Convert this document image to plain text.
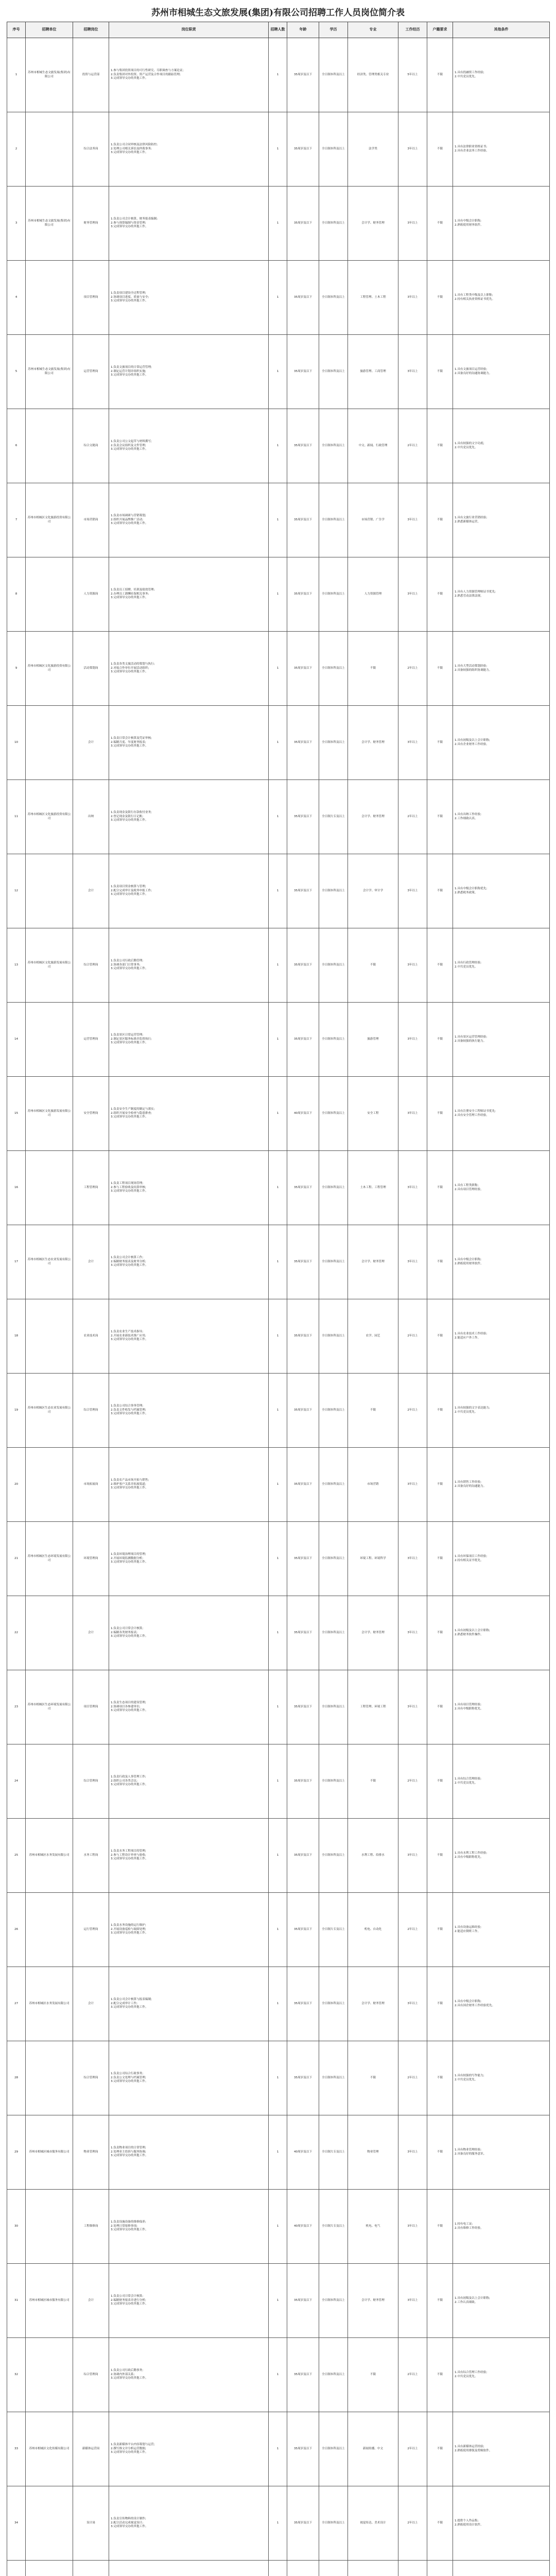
苏州市相城生态文旅发展(集团)有限公司招聘工作人员岗位简介表
序号	招聘单位	招聘岗位	岗位职责	招聘人数	年龄	学历	专业	工作经历	户籍要求	其他条件
1	苏州市相城生态文旅发展(集团)有限公司	投资与运营部	1.参与集团投资项目的可行性研究、尽职调查与方案论证;
2.负责集团对外投资、资产运营及合作项目的跟踪管理;
3.完成领导交办的其他工作。	1	35周岁及以下	全日制本科及以上	经济类、管理类相关专业	5年以上	不限	1.具有投融资工作经验;
2.中共党员优先。

2		综合法务岗	1.负责公司合同审核及法律风险防控;
2.处理公司相关诉讼及仲裁事务;
3.完成领导交办的其他工作。	1	35周岁及以下	全日制本科及以上	法学类	3年以上	不限	1.具有法律职业资格证书;
2.具有企业法务工作经验。

3	苏州市相城生态文旅发展(集团)有限公司	财务管理岗	1.负责公司会计核算、财务报表编制;
2.参与预算编制与资金管理;
3.完成领导交办的其他工作。	1	35周岁及以下	全日制本科及以上	会计学、财务管理	3年以上	不限	1.具有中级会计职称;
2.熟练使用财务软件。

4		项目管理岗	1.负责项目建设全过程管理;
2.协调项目进度、质量与安全;
3.完成领导交办的其他工作。	1	35周岁及以下	全日制本科及以上	工程管理、土木工程	3年以上	不限	1.具有工程类中级及以上职称;
2.持有相关执业资格证书优先。

5	苏州市相城生态文旅发展(集团)有限公司	运营管理岗	1.负责文旅项目的日常运营管理;
2.制定运营计划并组织实施;
3.完成领导交办的其他工作。	1	35周岁及以下	全日制本科及以上	旅游管理、工商管理	3年以上	不限	1.具有文旅项目运营经验;
2.具备良好的沟通协调能力。

6		综合文秘岗	1.负责公司公文起草与材料撰写;
2.负责会议组织及文件管理;
3.完成领导交办的其他工作。	1	35周岁及以下	全日制本科及以上	中文、新闻、行政管理	2年以上	不限	1.具有较强的文字功底;
2.中共党员优先。

7	苏州市相城区文化旅游投资有限公司	市场营销岗	1.负责市场调研与营销策划;
2.组织开展品牌推广活动;
3.完成领导交办的其他工作。	1	35周岁及以下	全日制本科及以上	市场营销、广告学	3年以上	不限	1.具有文旅行业营销经验;
2.熟悉新媒体运营。

8		人力资源岗	1.负责员工招聘、培训及绩效管理;
2.办理员工薪酬社保相关事务;
3.完成领导交办的其他工作。	1	35周岁及以下	全日制本科及以上	人力资源管理	3年以上	不限	1.具有人力资源管理师证书优先;
2.熟悉劳动法律法规。

9	苏州市相城区文化旅游投资有限公司	活动策划岗	1.负责各类文旅活动的策划与执行;
2.对接合作单位开展活动组织;
3.完成领导交办的其他工作。	1	35周岁及以下	全日制本科及以上	不限	2年以上	不限	1.具有大型活动策划经验;
2.具备较强的组织协调能力。

10		会计	1.负责日常会计核算及凭证审核;
2.编制月度、年度财务报表;
3.完成领导交办的其他工作。	1	35周岁及以下	全日制本科及以上	会计学、财务管理	3年以上	不限	1.具有初级及以上会计职称;
2.具有企业财务工作经验。

11	苏州市相城区文化旅游投资有限公司	出纳	1.负责现金及银行存款收付业务;
2.登记现金及银行日记账;
3.完成领导交办的其他工作。	1	35周岁及以下	全日制大专及以上	会计学、财务管理	2年以上	不限	1.具有出纳工作经验;
2.工作细致认真。

12		会计	1.负责项目资金核算与管理;
2.配合完成审计及税务申报工作;
3.完成领导交办的其他工作。	1	35周岁及以下	全日制本科及以上	会计学、审计学	3年以上	不限	1.具有中级会计职称优先;
2.熟悉税务政策。

13	苏州市相城区文化旅游发展有限公司	综合管理岗	1.负责公司行政后勤管理;
2.协调各部门日常事务;
3.完成领导交办的其他工作。	1	35周岁及以下	全日制本科及以上	不限	3年以上	不限	1.具有行政管理经验;
2.中共党员优先。

14		运营管理岗	1.负责景区日常运营管理;
2.制定景区服务标准并监督执行;
3.完成领导交办的其他工作。	1	35周岁及以下	全日制本科及以上	旅游管理	3年以上	不限	1.具有景区运营管理经验;
2.具备较强的执行能力。

15	苏州市相城区文化旅游发展有限公司	安全管理岗	1.负责安全生产制度的制定与落实;
2.组织开展安全检查与隐患排查;
3.完成领导交办的其他工作。	1	40周岁及以下	全日制本科及以上	安全工程	3年以上	不限	1.具有注册安全工程师证书优先;
2.具有安全管理工作经验。

16		工程管理岗	1.负责工程项目现场管理;
2.参与工程验收及结算审核;
3.完成领导交办的其他工作。	1	35周岁及以下	全日制本科及以上	土木工程、工程管理	3年以上	不限	1.具有工程类职称;
2.具有项目管理经验。

17	苏州市相城区生态农业发展有限公司	会计	1.负责公司会计核算工作;
2.编制财务报表及财务分析;
3.完成领导交办的其他工作。	1	35周岁及以下	全日制本科及以上	会计学、财务管理	3年以上	不限	1.具有中级会计职称;
2.熟练使用财务软件。

18		农业技术岗	1.负责农业生产技术指导;
2.开展农业新技术推广应用;
3.完成领导交办的其他工作。	1	35周岁及以下	全日制本科及以上	农学、园艺	2年以上	不限	1.具有农业技术工作经验;
2.能适应户外工作。

19	苏州市相城区生态农业发展有限公司	综合管理岗	1.负责公司综合事务管理;
2.负责文件收发与档案管理;
3.完成领导交办的其他工作。	1	35周岁及以下	全日制本科及以上	不限	2年以上	不限	1.具有较强的文字表达能力;
2.中共党员优先。

20		市场拓展岗	1.负责农产品市场开拓与销售;
2.维护客户关系并拓展渠道;
3.完成领导交办的其他工作。	1	35周岁及以下	全日制本科及以上	市场营销	3年以上	不限	1.具有销售工作经验;
2.具备良好的沟通能力。

21	苏州市相城区生态环境发展有限公司	环境管理岗	1.负责环境治理项目的管理;
2.开展环境监测数据分析;
3.完成领导交办的其他工作。	1	35周岁及以下	全日制本科及以上	环境工程、环境科学	3年以上	不限	1.具有环保项目工作经验;
2.持有相关证书优先。

22		会计	1.负责公司日常会计核算;
2.编制各类财务报表;
3.完成领导交办的其他工作。	1	35周岁及以下	全日制本科及以上	会计学、财务管理	3年以上	不限	1.具有初级及以上会计职称;
2.熟悉财务软件操作。

23	苏州市相城区生态环境发展有限公司	项目管理岗	1.负责生态项目的建设管理;
2.协调项目各参建单位;
3.完成领导交办的其他工作。	1	35周岁及以下	全日制本科及以上	工程管理、环境工程	3年以上	不限	1.具有项目管理经验;
2.具有中级职称优先。

24		综合管理岗	1.负责行政及人事管理工作;
2.组织公司各类会议;
3.完成领导交办的其他工作。	1	35周岁及以下	全日制本科及以上	不限	2年以上	不限	1.具有综合管理经验;
2.中共党员优先。

25	苏州市相城区水务发展有限公司	水务工程岗	1.负责水务工程项目的管理;
2.参与工程设计审查与验收;
3.完成领导交办的其他工作。	1	35周岁及以下	全日制本科及以上	水利工程、给排水	3年以上	不限	1.具有水利工程工作经验;
2.具有中级职称优先。

26		运行管理岗	1.负责水务设施的运行维护;
2.开展设备巡检与故障处理;
3.完成领导交办的其他工作。	1	35周岁及以下	全日制大专及以上	机电、自动化	2年以上	不限	1.具有设备运维经验;
2.能适应倒班工作。

27	苏州市相城区水务发展有限公司	会计	1.负责公司会计核算与报表编制;
2.配合完成审计工作;
3.完成领导交办的其他工作。	1	35周岁及以下	全日制本科及以上	会计学、财务管理	3年以上	不限	1.具有中级会计职称;
2.具有国企财务工作经验优先。

28		综合管理岗	1.负责公司综合行政事务;
2.负责公文处理与档案管理;
3.完成领导交办的其他工作。	1	35周岁及以下	全日制本科及以上	不限	2年以上	不限	1.具有较强的写作能力;
2.中共党员优先。

29	苏州市相城区城市服务有限公司	物业管理岗	1.负责物业项目的日常管理;
2.处理业主投诉与服务协调;
3.完成领导交办的其他工作。	1	40周岁及以下	全日制大专及以上	物业管理	3年以上	不限	1.具有物业管理经验;
2.具备良好的服务意识。

30		工程维修岗	1.负责设施设备的维修保养;
2.处理日常报修事项;
3.完成领导交办的其他工作。	1	40周岁及以下	全日制大专及以上	机电、电气	3年以上	不限	1.持有电工证;
2.具有维修工作经验。

31	苏州市相城区城市服务有限公司	会计	1.负责公司日常会计核算;
2.编制财务报表并进行分析;
3.完成领导交办的其他工作。	1	35周岁及以下	全日制本科及以上	会计学、财务管理	3年以上	不限	1.具有初级及以上会计职称;
2.工作认真细致。

32		综合管理岗	1.负责公司行政后勤事务;
2.协调内外部关系;
3.完成领导交办的其他工作。	1	35周岁及以下	全日制本科及以上	不限	2年以上	不限	1.具有综合管理工作经验;
2.中共党员优先。

33	苏州市相城区文化传媒有限公司	新媒体运营岗	1.负责新媒体平台内容策划与运营;
2.撰写推文并分析运营数据;
3.完成领导交办的其他工作。	1	35周岁及以下	全日制本科及以上	新闻传播、中文	2年以上	不限	1.具有新媒体运营经验;
2.熟练使用排版及剪辑软件。

34		设计岗	1.负责宣传物料的设计制作;
2.配合活动完成视觉设计;
3.完成领导交办的其他工作。	1	35周岁及以下	全日制本科及以上	视觉传达、美术设计	2年以上	不限	1.提供个人作品集;
2.熟练使用设计软件。
